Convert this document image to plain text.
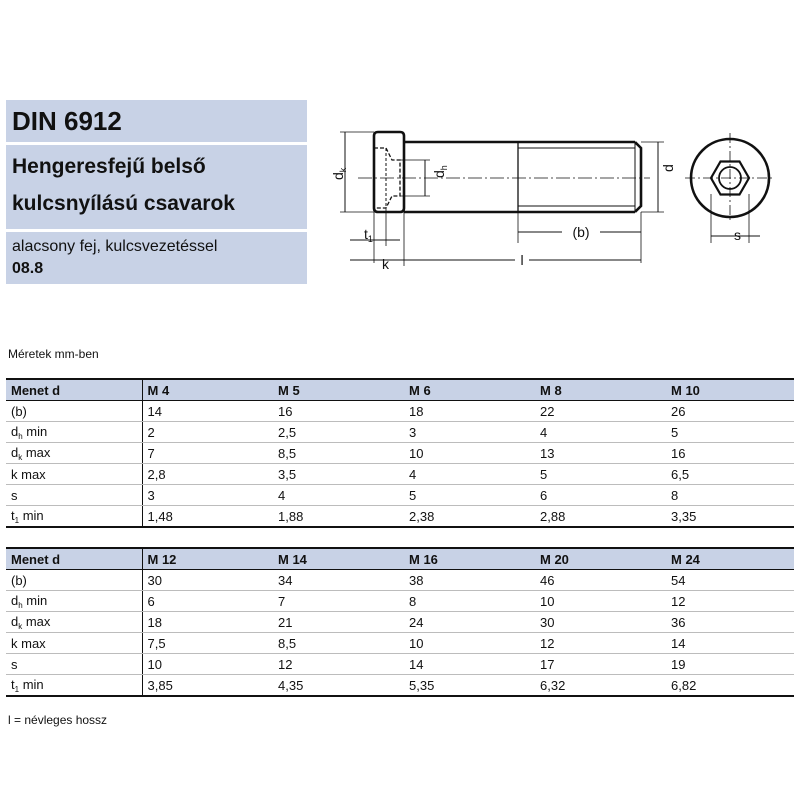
DIN 6912
Hengeresfejű belső
kulcsnyílású csavarok
alacsony fej, kulcsvezetéssel
08.8
$d_k$
$d_h$	d
(b)
$t_1$
k	l
s
Méretek mm-ben
Menet d	M 4	M 5	M 6	M 8	M 10
(b)	14	16	18	22	26
$d_h$ min	2	2,5	3	4	5
$d_k$ max	7	8,5	10	13	16
k max	2,8	3,5	4	5	6,5
s	3	4	5	6	8
$t_1$ min	1,48	1,88	2,38	2,88	3,35
Menet d	M 12	M 14	M 16	M 20	M 24
(b)	30	34	38	46	54
$d_h$ min	6	7	8	10	12
$d_k$ max	18	21	24	30	36
k max	7,5	8,5	10	12	14
s	10	12	14	17	19
$t_1$ min	3,85	4,35	5,35	6,32	6,82
l = névleges hossz
